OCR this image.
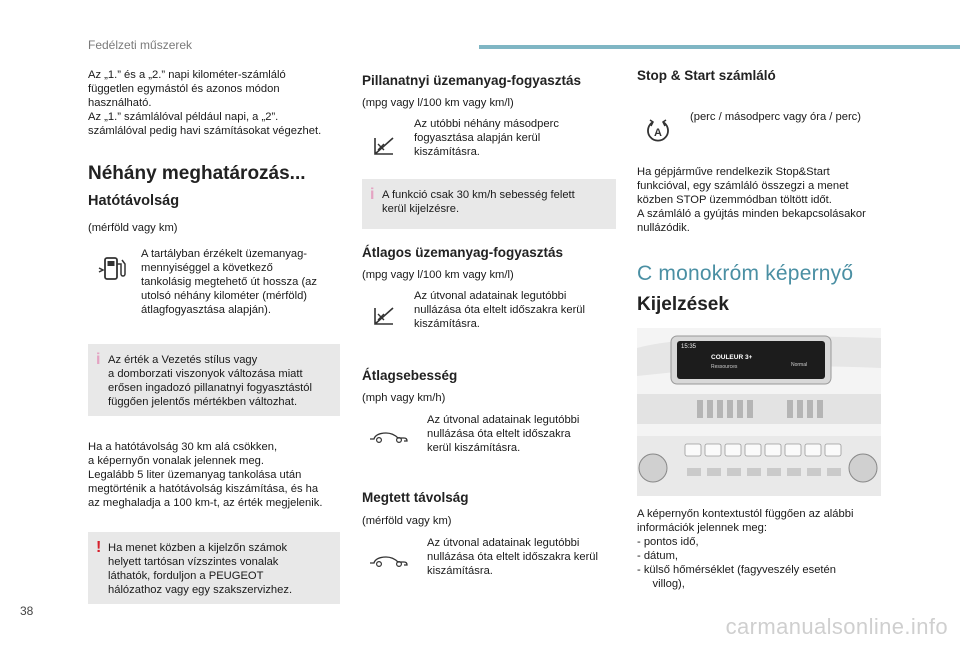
Fedélzeti műszerek

Az „1.” és a „2.” napi kilométer-számláló

független egymástól és azonos módon

használható.

Az „1.” számlálóval például napi, a „2”.

számlálóval pedig havi számításokat végezhet.

Néhány meghatározás...
Hatótávolság
(mérföld vagy km)

A tartályban érzékelt üzemanyag-

mennyiséggel a következő

tankolásig megtehető út hossza (az

utolsó néhány kilométer (mérföld)

átlagfogyasztása alapján).

i Az érték a Vezetés stílus vagy

a domborzati viszonyok változása miatt

erősen ingadozó pillanatnyi fogyasztástól

függően jelentős mértékben változhat.

Ha a hatótávolság 30 km alá csökken,

a képernyőn vonalak jelennek meg.

Legalább 5 liter üzemanyag tankolása után

megtörténik a hatótávolság kiszámítása, és ha

az meghaladja a 100 km-t, az érték megjelenik.

! Ha menet közben a kijelzőn számok

helyett tartósan vízszintes vonalak

láthatók, forduljon a PEUGEOT

hálózathoz vagy egy szakszervizhez.

Pillanatnyi üzemanyag-fogyasztás
(mpg vagy l/100 km vagy km/l)

Az utóbbi néhány másodperc

fogyasztása alapján kerül

kiszámításra.

i A funkció csak 30 km/h sebesség felett

kerül kijelzésre.

Átlagos üzemanyag-fogyasztás
(mpg vagy l/100 km vagy km/l)

Az útvonal adatainak legutóbbi

nullázása óta eltelt időszakra kerül

kiszámításra.

Átlagsebesség
(mph vagy km/h)

Az útvonal adatainak legutóbbi

nullázása óta eltelt időszakra

kerül kiszámításra.

Megtett távolság
(mérföld vagy km)

Az útvonal adatainak legutóbbi

nullázása óta eltelt időszakra kerül

kiszámításra.

Stop & Start számláló
A
(perc / másodperc vagy óra / perc)

Ha gépjárműve rendelkezik Stop&Start

funkcióval, egy számláló összegzi a menet

közben STOP üzemmódban töltött időt.

A számláló a gyújtás minden bekapcsolásakor

nullázódik.

C monokróm képernyő
Kijelzések
15:35
COULEUR 3+
Ressources	Normal

A képernyőn kontextustól függően az alábbi

információk jelennek meg:

- pontos idő,

- dátum,

- külső hőmérséklet (fagyveszély esetén

villog),

38
carmanualsonline.info
